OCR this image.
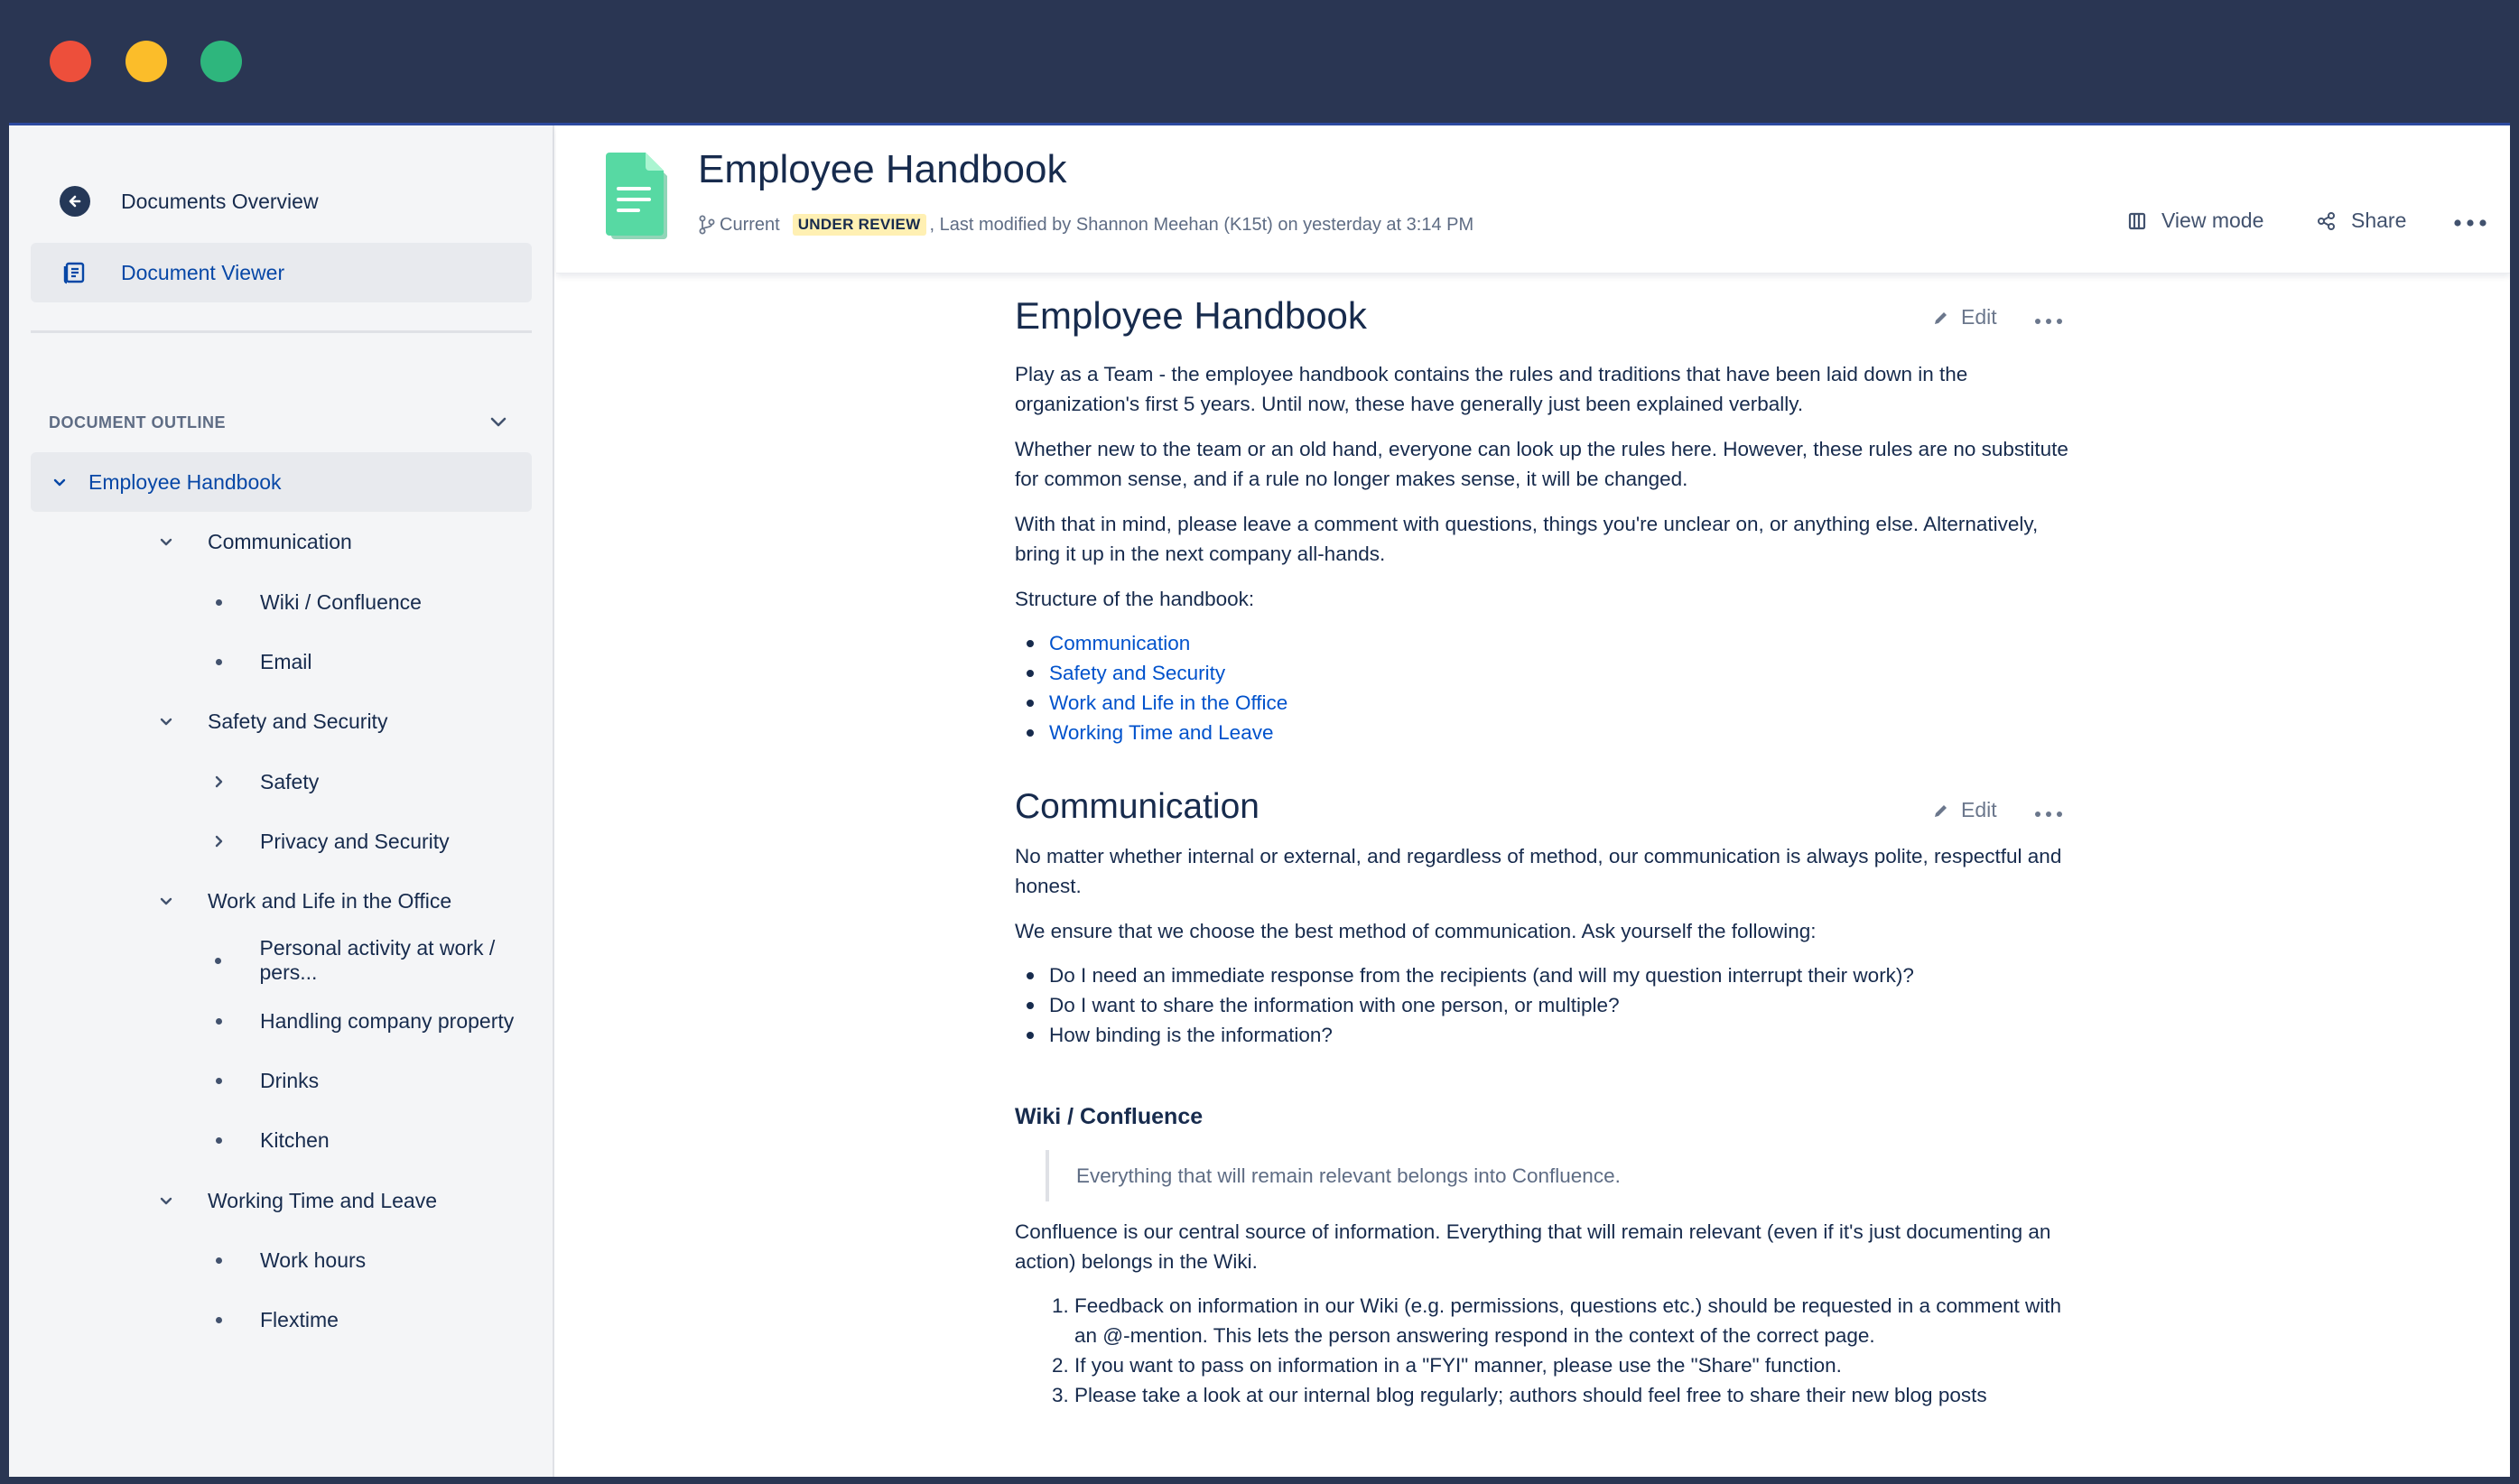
Documents Overview
Document Viewer
DOCUMENT OUTLINE
Employee Handbook
Communication
Wiki / Confluence
Email
Safety and Security
Safety
Privacy and Security
Work and Life in the Office
Personal activity at work / pers...
Handling company property
Drinks
Kitchen
Working Time and Leave
Work hours
Flextime
Employee Handbook
Current	UNDER REVIEW , Last modified by Shannon Meehan (K15t) on yesterday at 3:14 PM	View mode	Share
Employee Handbook	Edit

Play as a Team - the employee handbook contains the rules and traditions that have been laid down in the organization's first 5 years. Until now, these have generally just been explained verbally.

Whether new to the team or an old hand, everyone can look up the rules here. However, these rules are no substitute for common sense, and if a rule no longer makes sense, it will be changed.

With that in mind, please leave a comment with questions, things you're unclear on, or anything else. Alternatively, bring it up in the next company all-hands.

Structure of the handbook:

Communication
Safety and Security
Work and Life in the Office
Working Time and Leave
Communication	Edit

No matter whether internal or external, and regardless of method, our communication is always polite, respectful and honest.

We ensure that we choose the best method of communication. Ask yourself the following:

Do I need an immediate response from the recipients (and will my question interrupt their work)?
Do I want to share the information with one person, or multiple?
How binding is the information?
Wiki / Confluence
Everything that will remain relevant belongs into Confluence.

Confluence is our central source of information. Everything that will remain relevant (even if it's just documenting an action) belongs in the Wiki.

1. Feedback on information in our Wiki (e.g. permissions, questions etc.) should be requested in a comment with an @-mention. This lets the person answering respond in the context of the correct page.
2. If you want to pass on information in a "FYI" manner, please use the "Share" function.
3. Please take a look at our internal blog regularly; authors should feel free to share their new blog posts
